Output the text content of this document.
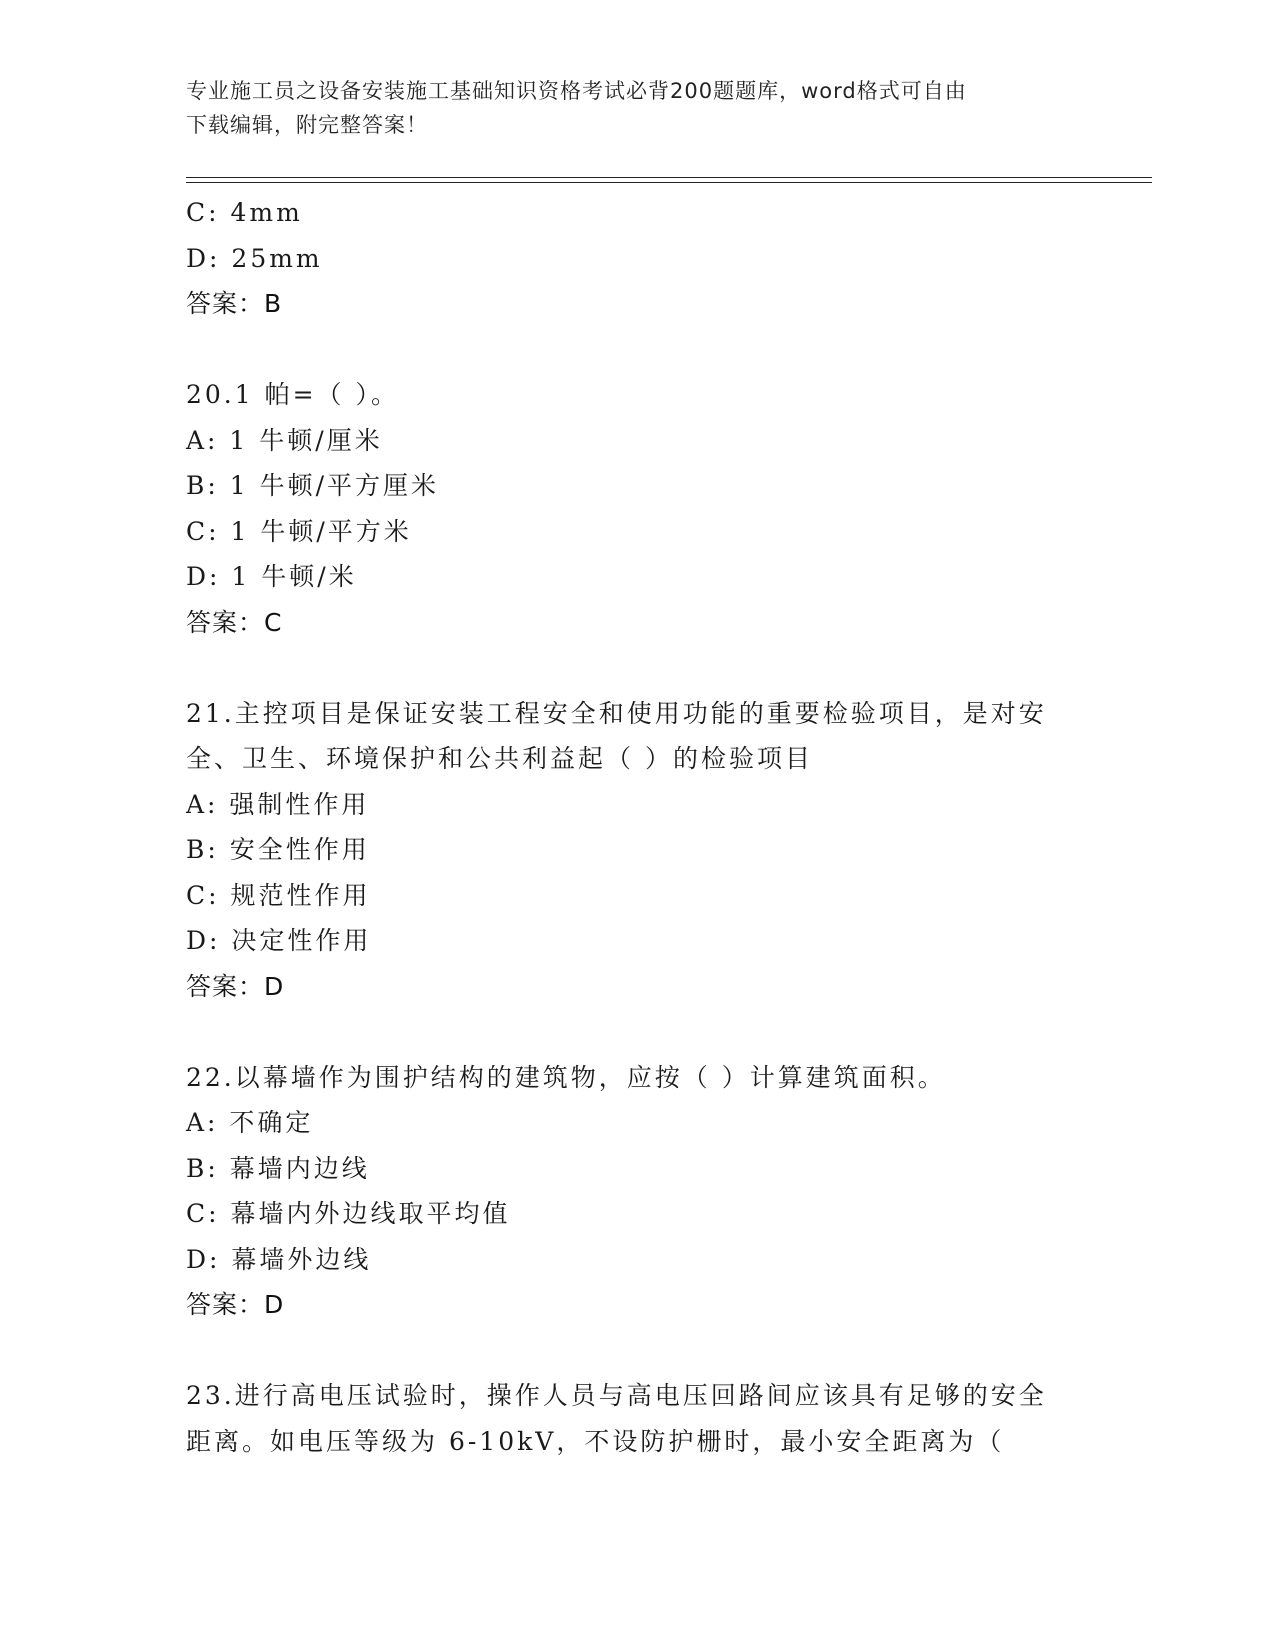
专业施工员之设备安装施工基础知识资格考试必背200题题库，word格式可自由
下载编辑，附完整答案！
C: 4mm
D: 25mm
答案：B
20.1 帕=（ ）。
A: 1 牛顿/厘米
B: 1 牛顿/平方厘米
C: 1 牛顿/平方米
D: 1 牛顿/米
答案：C
21.主控项目是保证安装工程安全和使用功能的重要检验项目，是对安
全、卫生、环境保护和公共利益起（ ）的检验项目
A: 强制性作用
B: 安全性作用
C: 规范性作用
D: 决定性作用
答案：D
22.以幕墙作为围护结构的建筑物，应按（ ）计算建筑面积。
A: 不确定
B: 幕墙内边线
C: 幕墙内外边线取平均值
D: 幕墙外边线
答案：D
23.进行高电压试验时，操作人员与高电压回路间应该具有足够的安全
距离。如电压等级为 6-10kV，不设防护栅时，最小安全距离为（
